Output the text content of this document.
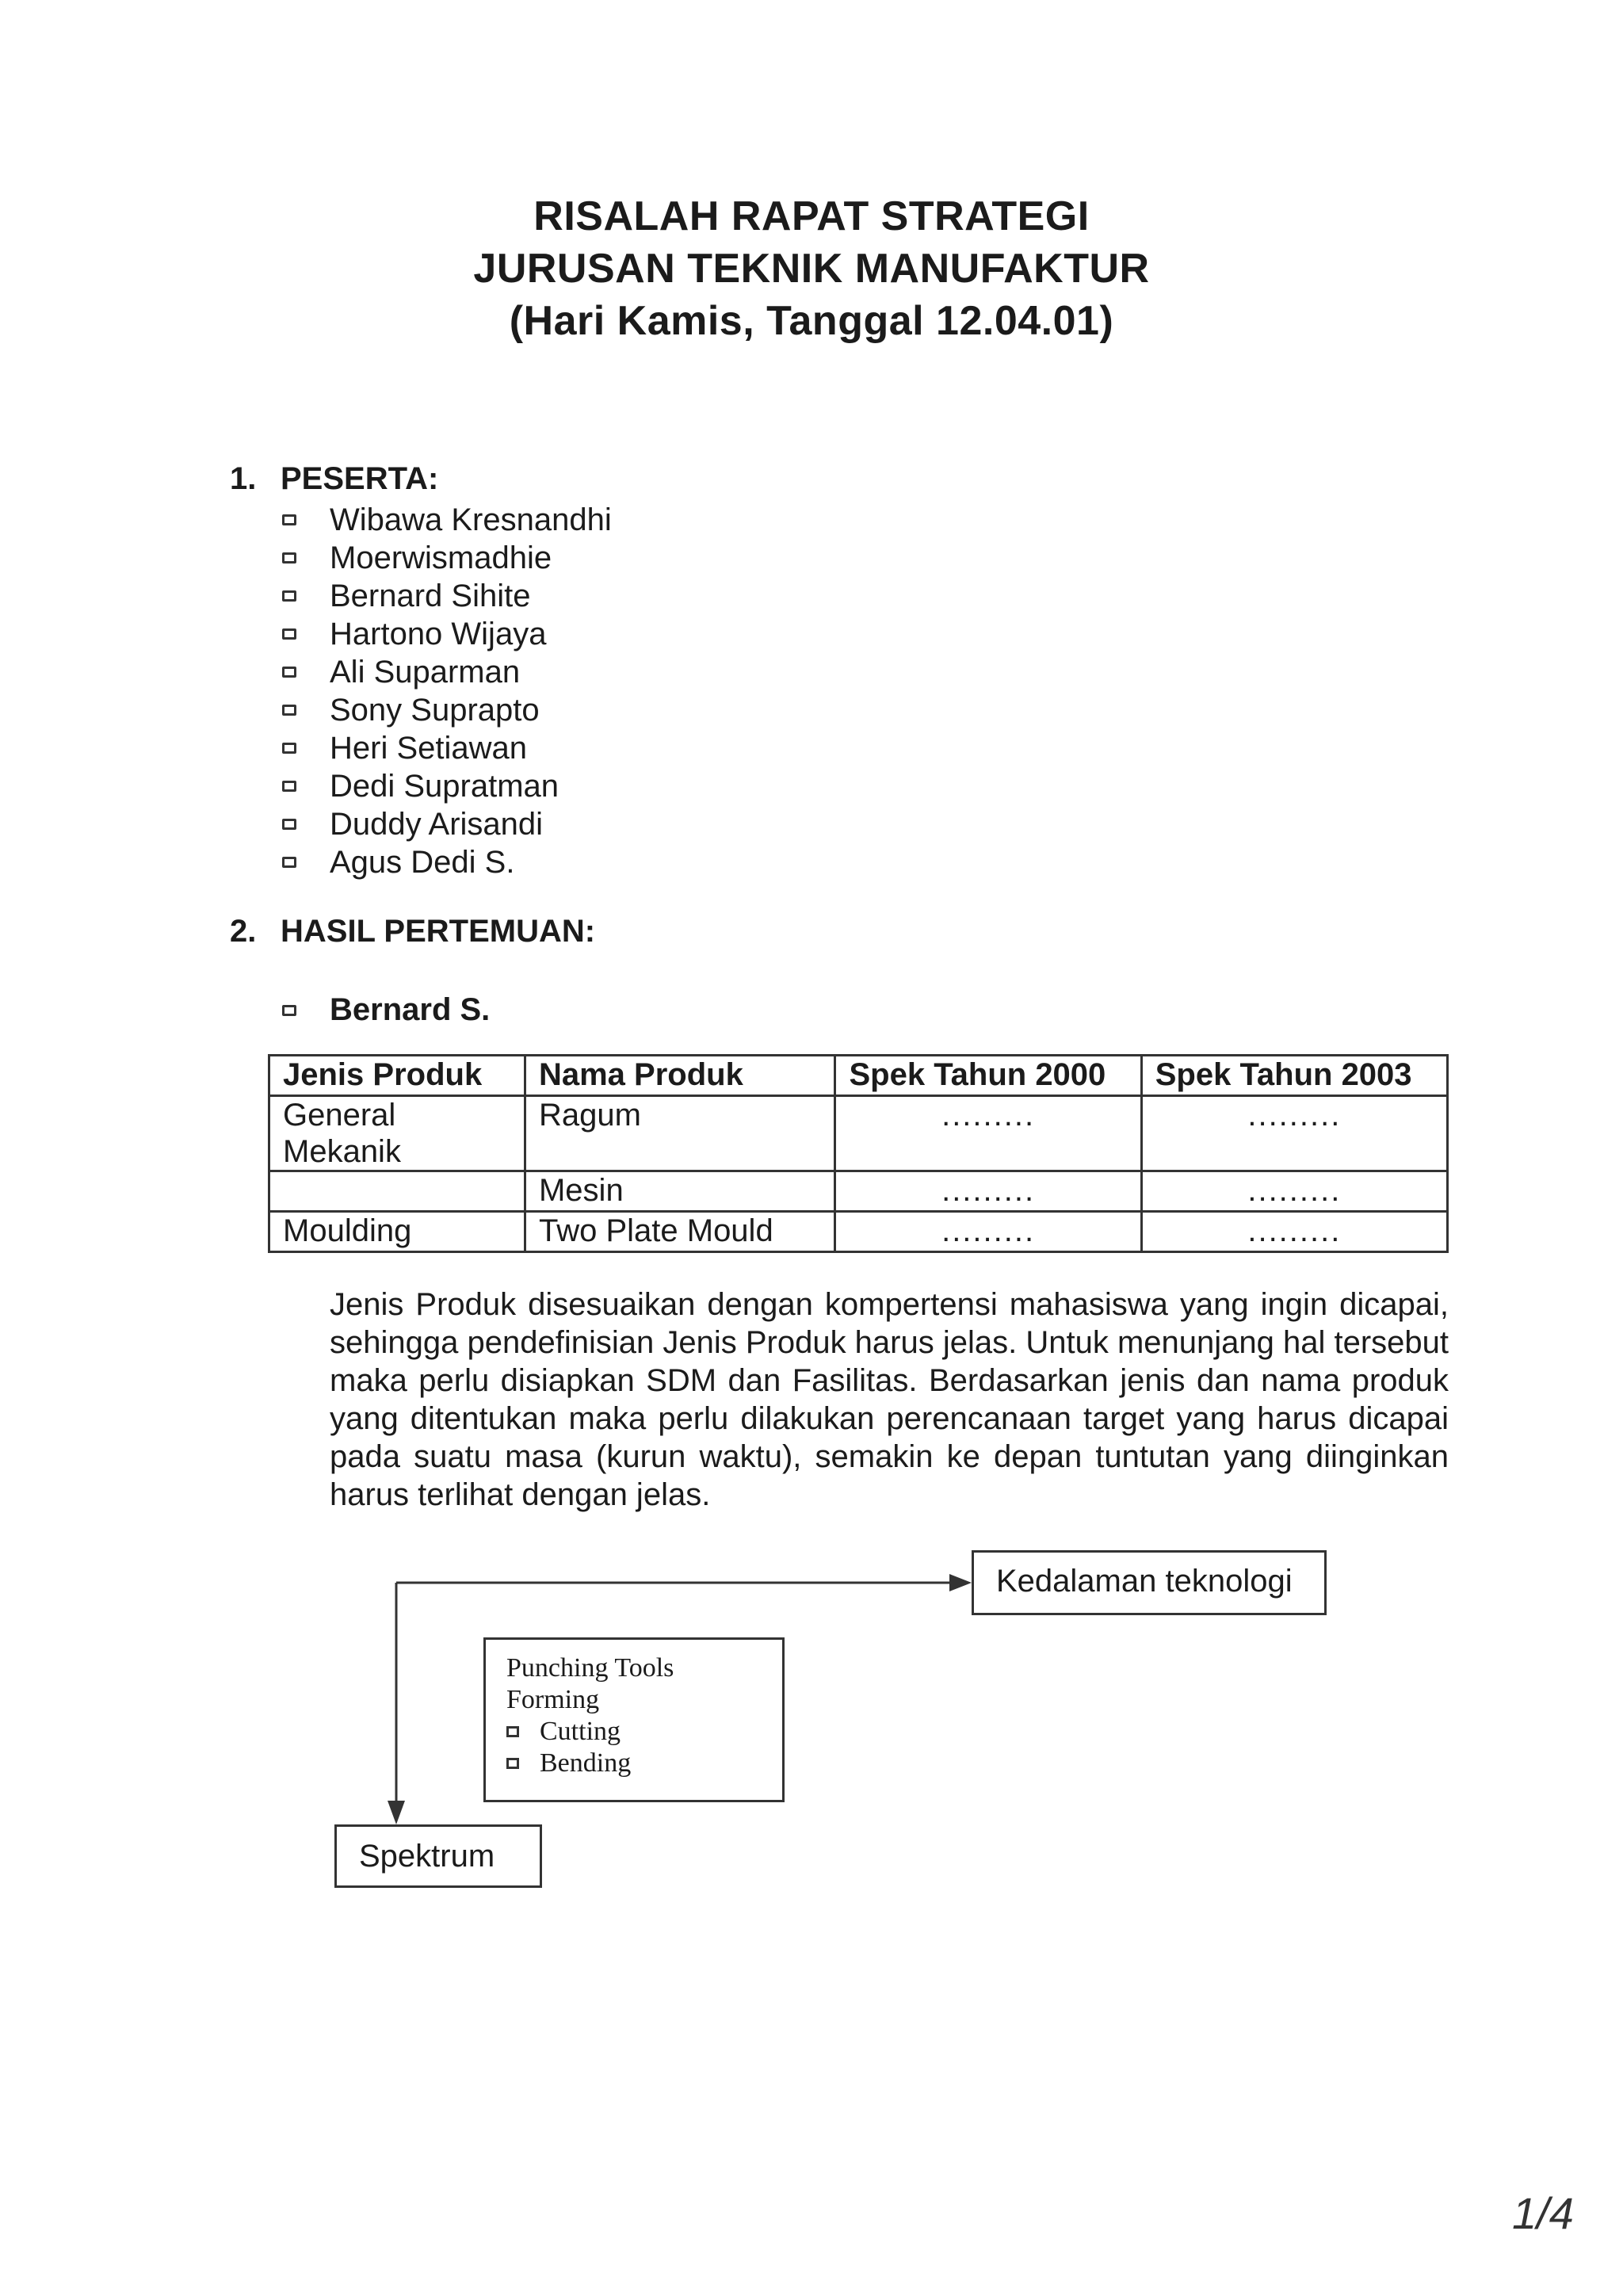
RISALAH RAPAT STRATEGI
JURUSAN TEKNIK MANUFAKTUR
(Hari Kamis, Tanggal 12.04.01)
1. PESERTA:
Wibawa Kresnandhi
Moerwismadhie
Bernard Sihite
Hartono Wijaya
Ali Suparman
Sony Suprapto
Heri Setiawan
Dedi Supratman
Duddy Arisandi
Agus Dedi S.
2. HASIL PERTEMUAN:
Bernard S.
Jenis Produk	Nama Produk	Spek Tahun 2000	Spek Tahun 2003
General Mekanik	Ragum	.........	.........
	Mesin	.........	.........
Moulding	Two Plate Mould	.........	.........
Jenis Produk disesuaikan dengan kompertensi mahasiswa yang ingin dicapai, sehingga pendefinisian Jenis Produk harus jelas. Untuk menunjang hal tersebut maka perlu disiapkan SDM dan Fasilitas. Berdasarkan jenis dan nama produk yang ditentukan maka perlu dilakukan perencanaan target yang harus dicapai pada suatu masa (kurun waktu), semakin ke depan tuntutan yang diinginkan harus terlihat dengan jelas.
Kedalaman teknologi
Punching Tools
Forming
Cutting
Bending
Spektrum
1/4
